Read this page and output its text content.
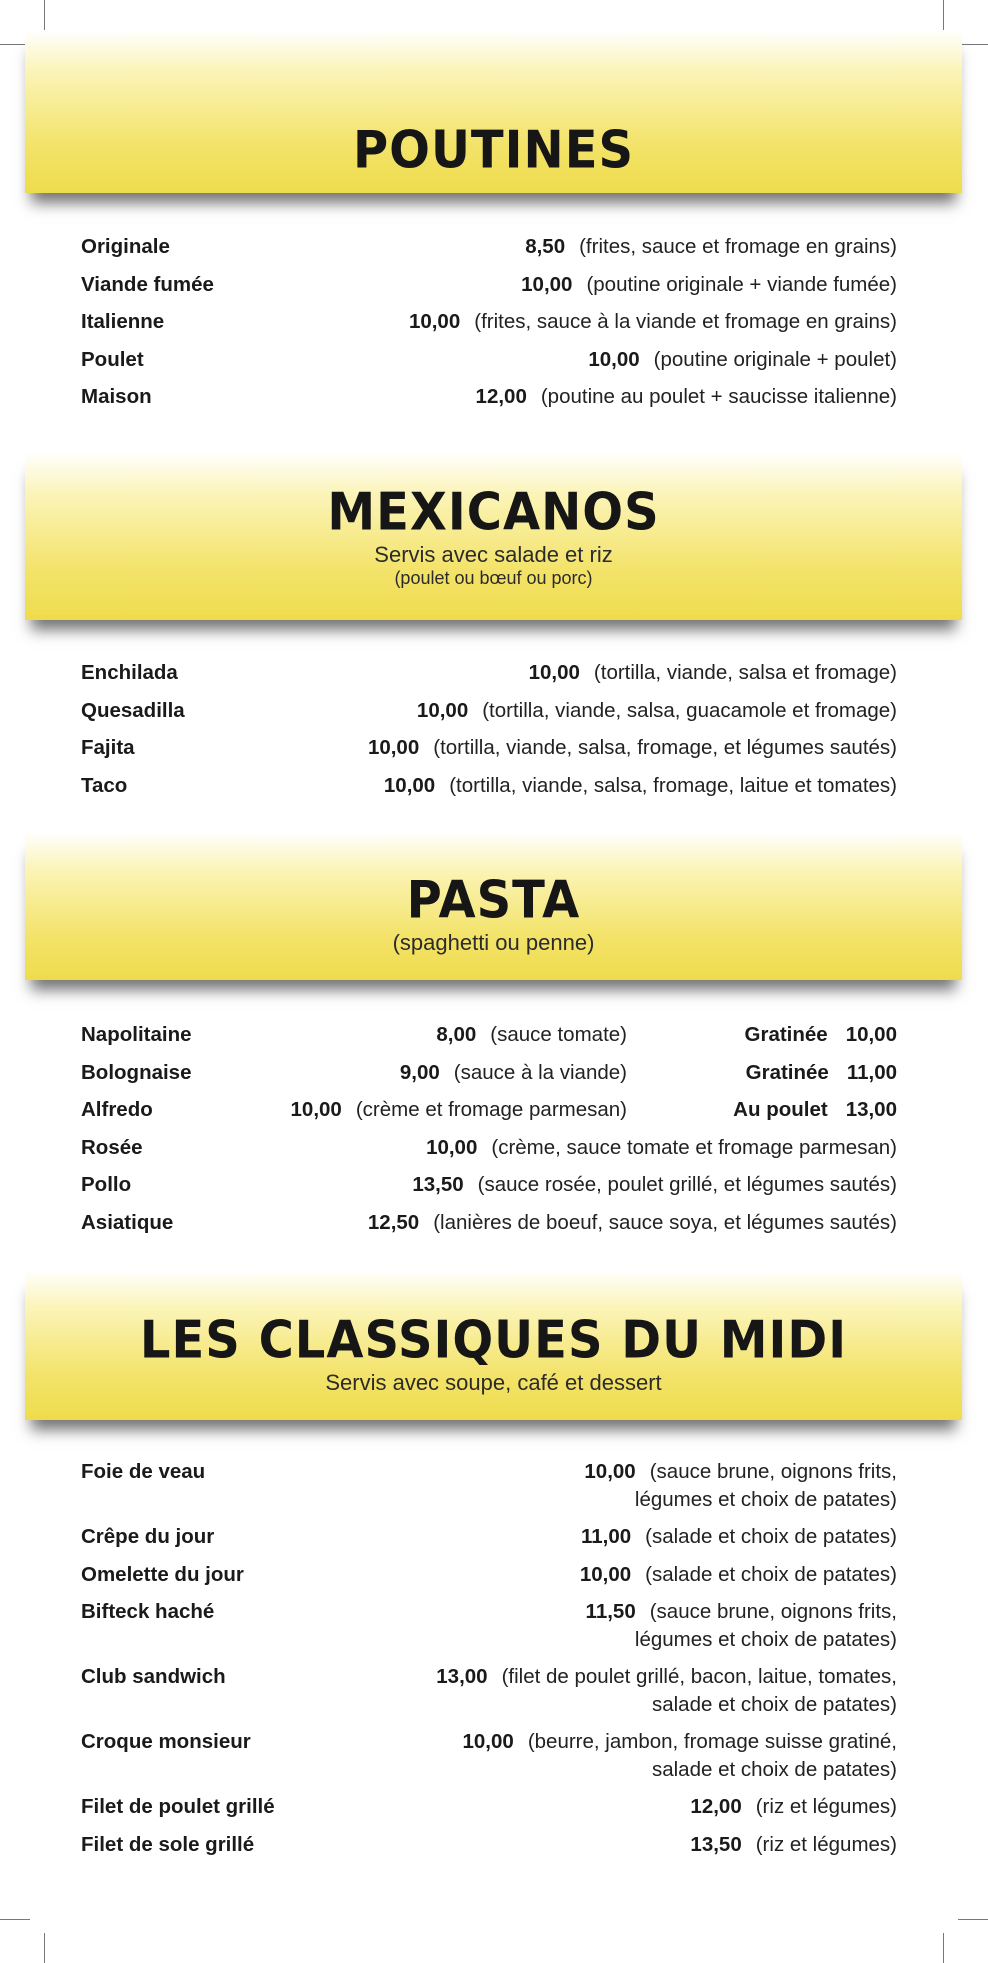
POUTINES
Originale	8,50 (frites, sauce et fromage en grains)
Viande fumée	10,00 (poutine originale + viande fumée)
Italienne	10,00 (frites, sauce à la viande et fromage en grains)
Poulet	10,00 (poutine originale + poulet)
Maison	12,00 (poutine au poulet + saucisse italienne)
MEXICANOS
Servis avec salade et riz
(poulet ou bœuf ou porc)
Enchilada	10,00 (tortilla, viande, salsa et fromage)
Quesadilla	10,00 (tortilla, viande, salsa, guacamole et fromage)
Fajita	10,00 (tortilla, viande, salsa, fromage, et légumes sautés)
Taco	10,00 (tortilla, viande, salsa, fromage, laitue et tomates)
PASTA
(spaghetti ou penne)
Napolitaine	8,00 (sauce tomate)	Gratinée 10,00
Bolognaise	9,00 (sauce à la viande)	Gratinée 11,00
Alfredo	10,00 (crème et fromage parmesan)	Au poulet 13,00
Rosée	10,00 (crème, sauce tomate et fromage parmesan)
Pollo	13,50 (sauce rosée, poulet grillé, et légumes sautés)
Asiatique	12,50 (lanières de boeuf, sauce soya, et légumes sautés)
LES CLASSIQUES DU MIDI
Servis avec soupe, café et dessert
Foie de veau	10,00 (sauce brune, oignons frits,
légumes et choix de patates)
Crêpe du jour	11,00 (salade et choix de patates)
Omelette du jour	10,00 (salade et choix de patates)
Bifteck haché	11,50 (sauce brune, oignons frits,
légumes et choix de patates)
Club sandwich	13,00 (filet de poulet grillé, bacon, laitue, tomates,
salade et choix de patates)
Croque monsieur	10,00 (beurre, jambon, fromage suisse gratiné,
salade et choix de patates)
Filet de poulet grillé	12,00 (riz et légumes)
Filet de sole grillé	13,50 (riz et légumes)
